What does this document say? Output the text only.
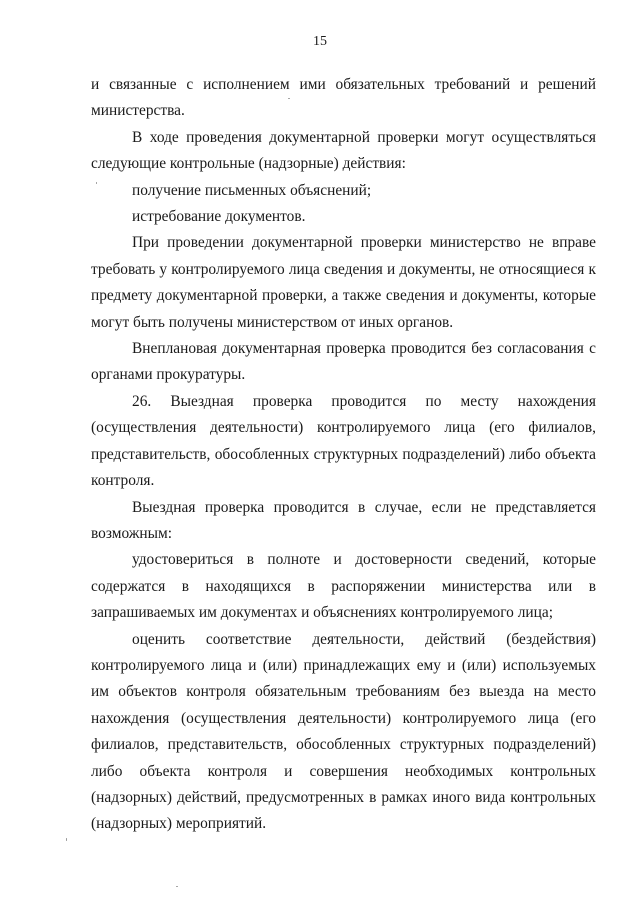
15

и связанные с исполнением ими обязательных требований и решений министерства.

В ходе проведения документарной проверки могут осуществляться следующие контрольные (надзорные) действия:

получение письменных объяснений;

истребование документов.

При проведении документарной проверки министерство не вправе требовать у контролируемого лица сведения и документы, не относящиеся к предмету документарной проверки, а также сведения и документы, которые могут быть получены министерством от иных органов.

Внеплановая документарная проверка проводится без согласования с органами прокуратуры.

26. Выездная проверка проводится по месту нахождения (осуществления деятельности) контролируемого лица (его филиалов, представительств, обособленных структурных подразделений) либо объекта контроля.

Выездная проверка проводится в случае, если не представляется возможным:

удостовериться в полноте и достоверности сведений, которые содержатся в находящихся в распоряжении министерства или в запрашиваемых им документах и объяснениях контролируемого лица;

оценить соответствие деятельности, действий (бездействия) контролируемого лица и (или) принадлежащих ему и (или) используемых им объектов контроля обязательным требованиям без выезда на место нахождения (осуществления деятельности) контролируемого лица (его филиалов, представительств, обособленных структурных подразделений) либо объекта контроля и совершения необходимых контрольных (надзорных) действий, предусмотренных в рамках иного вида контрольных (надзорных) мероприятий.
